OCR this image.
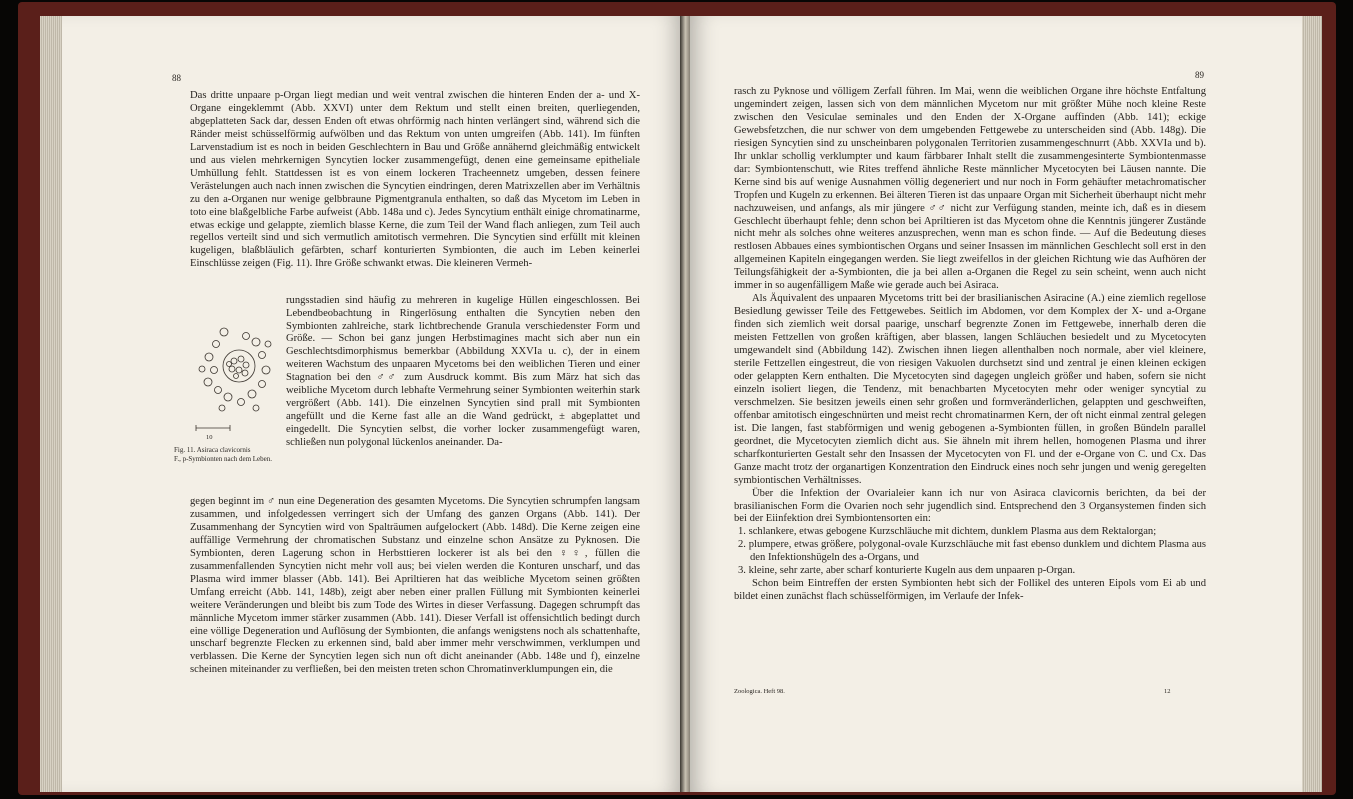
88

Das dritte unpaare p-Organ liegt median und weit ventral zwischen die hinteren Enden der a- und X-Organe eingeklemmt (Abb. XXVI) unter dem Rektum und stellt einen breiten, querliegenden, abgeplatteten Sack dar, dessen Enden oft etwas ohrförmig nach hinten verlängert sind, während sich die Ränder meist schüsselförmig aufwölben und das Rektum von unten umgreifen (Abb. 141). Im fünften Larvenstadium ist es noch in beiden Geschlechtern in Bau und Größe annähernd gleichmäßig entwickelt und aus vielen mehrkernigen Syncytien locker zusammengefügt, denen eine gemeinsame epitheliale Umhüllung fehlt. Stattdessen ist es von einem lockeren Tracheennetz umgeben, dessen feinere Verästelungen auch nach innen zwischen die Syncytien eindringen, deren Matrixzellen aber im Verhältnis zu den a-Organen nur wenige gelbbraune Pigmentgranula enthalten, so daß das Mycetom im Leben in toto eine blaßgelbliche Farbe aufweist (Abb. 148a und c). Jedes Syncytium enthält einige chromatinarme, etwas eckige und gelappte, ziemlich blasse Kerne, die zum Teil der Wand flach anliegen, zum Teil auch regellos verteilt sind und sich vermutlich amitotisch vermehren. Die Syncytien sind erfüllt mit kleinen kugeligen, blaßbläulich gefärbten, scharf konturierten Symbionten, die auch im Leben keinerlei Einschlüsse zeigen (Fig. 11). Ihre Größe schwankt etwas. Die kleineren Vermeh-

10
Fig. 11. Asiraca clavicornis
F., p-Symbionten nach dem Leben.

rungsstadien sind häufig zu mehreren in kugelige Hüllen eingeschlossen. Bei Lebendbeobachtung in Ringerlösung enthalten die Syncytien neben den Symbionten zahlreiche, stark lichtbrechende Granula verschiedenster Form und Größe. — Schon bei ganz jungen Herbstimagines macht sich aber nun ein Geschlechtsdimorphismus bemerkbar (Abbildung XXVIa u. c), der in einem weiteren Wachstum des unpaaren Mycetoms bei den weiblichen Tieren und einer Stagnation bei den ♂♂ zum Ausdruck kommt. Bis zum März hat sich das weibliche Mycetom durch lebhafte Vermehrung seiner Symbionten weiterhin stark vergrößert (Abb. 141). Die einzelnen Syncytien sind prall mit Symbionten angefüllt und die Kerne fast alle an die Wand gedrückt, ± abgeplattet und eingedellt. Die Syncytien selbst, die vorher locker zusammengefügt waren, schließen nun polygonal lückenlos aneinander. Da-

gegen beginnt im ♂ nun eine Degeneration des gesamten Mycetoms. Die Syncytien schrumpfen langsam zusammen, und infolgedessen verringert sich der Umfang des ganzen Organs (Abb. 141). Der Zusammenhang der Syncytien wird von Spalträumen aufgelockert (Abb. 148d). Die Kerne zeigen eine auffällige Vermehrung der chromatischen Substanz und einzelne schon Ansätze zu Pyknosen. Die Symbionten, deren Lagerung schon in Herbsttieren lockerer ist als bei den ♀♀, füllen die zusammenfallenden Syncytien nicht mehr voll aus; bei vielen werden die Konturen unscharf, und das Plasma wird immer blasser (Abb. 141). Bei Apriltieren hat das weibliche Mycetom seinen größten Umfang erreicht (Abb. 141, 148b), zeigt aber neben einer prallen Füllung mit Symbionten keinerlei weitere Veränderungen und bleibt bis zum Tode des Wirtes in dieser Verfassung. Dagegen schrumpft das männliche Mycetom immer stärker zusammen (Abb. 141). Dieser Verfall ist offensichtlich bedingt durch eine völlige Degeneration und Auflösung der Symbionten, die anfangs wenigstens noch als schattenhafte, unscharf begrenzte Flecken zu erkennen sind, bald aber immer mehr verschwimmen, verklumpen und verblassen. Die Kerne der Syncytien legen sich nun oft dicht aneinander (Abb. 148e und f), einzelne scheinen miteinander zu verfließen, bei den meisten treten schon Chromatinverklumpungen ein, die

89

rasch zu Pyknose und völligem Zerfall führen. Im Mai, wenn die weiblichen Organe ihre höchste Entfaltung ungemindert zeigen, lassen sich von dem männlichen Mycetom nur mit größter Mühe noch kleine Reste zwischen den Vesiculae seminales und den Enden der X-Organe auffinden (Abb. 141); eckige Gewebsfetzchen, die nur schwer von dem umgebenden Fettgewebe zu unterscheiden sind (Abb. 148g). Die riesigen Syncytien sind zu unscheinbaren polygonalen Territorien zusammengeschnurrt (Abb. XXVIa und b). Ihr unklar schollig verklumpter und kaum färbbarer Inhalt stellt die zusammengesinterte Symbiontenmasse dar: Symbiontenschutt, wie Rites treffend ähnliche Reste männlicher Mycetocyten bei Läusen nannte. Die Kerne sind bis auf wenige Ausnahmen völlig degeneriert und nur noch in Form gehäufter metachromatischer Tropfen und Kugeln zu erkennen. Bei älteren Tieren ist das unpaare Organ mit Sicherheit überhaupt nicht mehr nachzuweisen, und anfangs, als mir jüngere ♂♂ nicht zur Verfügung standen, meinte ich, daß es in diesem Geschlecht überhaupt fehle; denn schon bei Apriltieren ist das Mycetom ohne die Kenntnis jüngerer Zustände nicht mehr als solches ohne weiteres anzusprechen, wenn man es schon finde. — Auf die Bedeutung dieses restlosen Abbaues eines symbiontischen Organs und seiner Insassen im männlichen Geschlecht soll erst in den allgemeinen Kapiteln eingegangen werden. Sie liegt zweifellos in der gleichen Richtung wie das Aufhören der Teilungsfähigkeit der a-Symbionten, die ja bei allen a-Organen die Regel zu sein scheint, wenn auch nicht immer in so augenfälligem Maße wie gerade auch bei Asiraca.

Als Äquivalent des unpaaren Mycetoms tritt bei der brasilianischen Asiracine (A.) eine ziemlich regellose Besiedlung gewisser Teile des Fettgewebes. Seitlich im Abdomen, vor dem Komplex der X- und a-Organe finden sich ziemlich weit dorsal paarige, unscharf begrenzte Zonen im Fettgewebe, innerhalb deren die meisten Fettzellen von großen kräftigen, aber blassen, langen Schläuchen besiedelt und zu Mycetocyten umgewandelt sind (Abbildung 142). Zwischen ihnen liegen allenthalben noch normale, aber viel kleinere, sterile Fettzellen eingestreut, die von riesigen Vakuolen durchsetzt sind und zentral je einen kleinen eckigen oder gelappten Kern enthalten. Die Mycetocyten sind dagegen ungleich größer und haben, sofern sie nicht einzeln isoliert liegen, die Tendenz, mit benachbarten Mycetocyten mehr oder weniger syncytial zu verschmelzen. Sie besitzen jeweils einen sehr großen und formveränderlichen, gelappten und geschweiften, offenbar amitotisch eingeschnürten und meist recht chromatinarmen Kern, der oft nicht einmal zentral gelegen ist. Die langen, fast stabförmigen und wenig gebogenen a-Symbionten füllen, in großen Bündeln parallel geordnet, die Mycetocyten ziemlich dicht aus. Sie ähneln mit ihrem hellen, homogenen Plasma und ihrer scharfkonturierten Gestalt sehr den Insassen der Mycetocyten von Fl. und der e-Organe von C. und Cx. Das Ganze macht trotz der organartigen Konzentration den Eindruck eines noch sehr jungen und wenig geregelten symbiontischen Verhältnisses.

Über die Infektion der Ovarialeier kann ich nur von Asiraca clavicornis berichten, da bei der brasilianischen Form die Ovarien noch sehr jugendlich sind. Entsprechend den 3 Organsystemen finden sich bei der Eiinfektion drei Symbiontensorten ein:

1. schlankere, etwas gebogene Kurzschläuche mit dichtem, dunklem Plasma aus dem Rektalorgan;
2. plumpere, etwas größere, polygonal-ovale Kurzschläuche mit fast ebenso dunklem und dichtem Plasma aus den Infektionshügeln des a-Organs, und
3. kleine, sehr zarte, aber scharf konturierte Kugeln aus dem unpaaren p-Organ.

Schon beim Eintreffen der ersten Symbionten hebt sich der Follikel des unteren Eipols vom Ei ab und bildet einen zunächst flach schüsselförmigen, im Verlaufe der Infek-

Zoologica. Heft 98.	12
